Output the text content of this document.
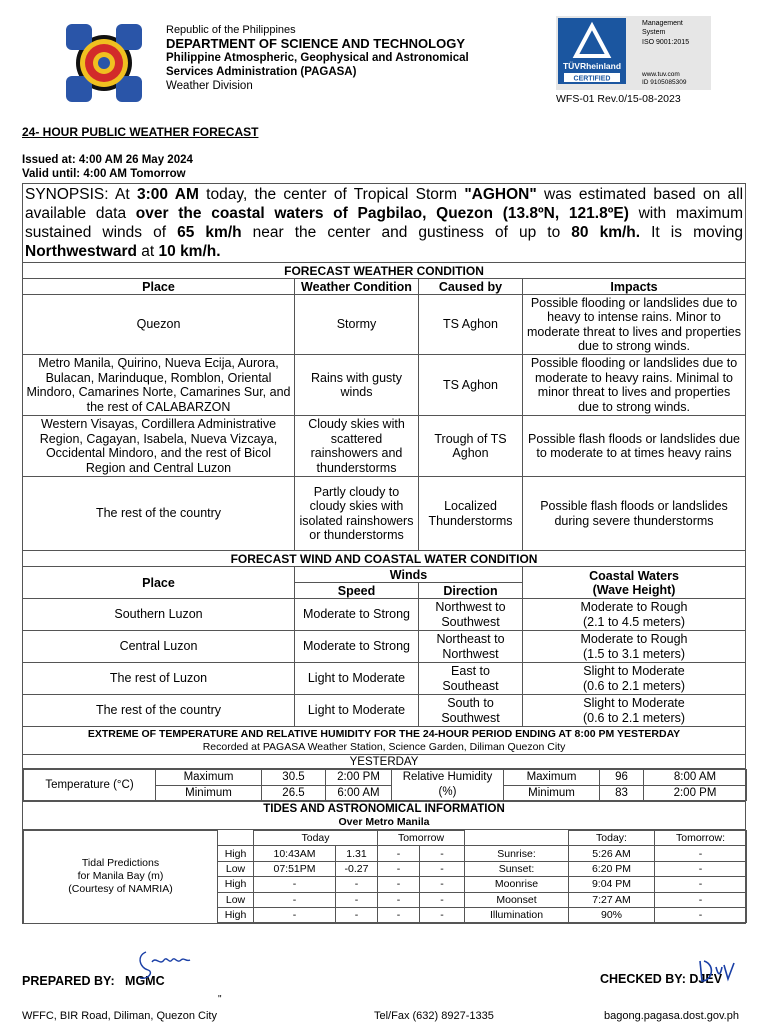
Republic of the Philippines
DEPARTMENT OF SCIENCE AND TECHNOLOGY
Philippine Atmospheric, Geophysical and Astronomical
Services Administration (PAGASA)
Weather Division
TÜVRheinland
CERTIFIED
Management
System
ISO 9001:2015
www.tuv.com
ID 9105085309
WFS-01 Rev.0/15-08-2023
24- HOUR PUBLIC WEATHER FORECAST
Issued at: 4:00 AM 26 May 2024
Valid until: 4:00 AM Tomorrow
SYNOPSIS: At 3:00 AM today, the center of Tropical Storm "AGHON" was estimated based on all available data over the coastal waters of Pagbilao, Quezon (13.8ºN, 121.8ºE) with maximum sustained winds of 65 km/h near the center and gustiness of up to 80 km/h. It is moving Northwestward at 10 km/h.
FORECAST WEATHER CONDITION
Place	Weather Condition	Caused by	Impacts
Quezon	Stormy	TS Aghon	Possible flooding or landslides due to heavy to intense rains. Minor to moderate threat to lives and properties due to strong winds.
Metro Manila, Quirino, Nueva Ecija, Aurora, Bulacan, Marinduque, Romblon, Oriental Mindoro, Camarines Norte, Camarines Sur, and the rest of CALABARZON	Rains with gusty winds	TS Aghon	Possible flooding or landslides due to moderate to heavy rains. Minimal to minor threat to lives and properties due to strong winds.
Western Visayas, Cordillera Administrative Region, Cagayan, Isabela, Nueva Vizcaya, Occidental Mindoro, and the rest of Bicol Region and Central Luzon	Cloudy skies with scattered rainshowers and thunderstorms	Trough of TS Aghon	Possible flash floods or landslides due to moderate to at times heavy rains
The rest of the country	Partly cloudy to cloudy skies with isolated rainshowers or thunderstorms	Localized Thunderstorms	Possible flash floods or landslides during severe thunderstorms
FORECAST WIND AND COASTAL WATER CONDITION
Place	Winds	Coastal Waters
(Wave Height)
Speed	Direction
Southern Luzon	Moderate to Strong	Northwest to Southwest	Moderate to Rough
(2.1 to 4.5 meters)
Central Luzon	Moderate to Strong	Northeast to Northwest	Moderate to Rough
(1.5 to 3.1 meters)
The rest of Luzon	Light to Moderate	East to Southeast	Slight to Moderate
(0.6 to 2.1 meters)
The rest of the country	Light to Moderate	South to Southwest	Slight to Moderate
(0.6 to 2.1 meters)

EXTREME OF TEMPERATURE AND RELATIVE HUMIDITY FOR THE 24-HOUR PERIOD ENDING AT 8:00 PM YESTERDAY
Recorded at PAGASA Weather Station, Science Garden, Diliman Quezon City

YESTERDAY

Temperature (°C)	Maximum	30.5	2:00 PM	Relative Humidity (%)	Maximum	96	8:00 AM
Minimum	26.5	6:00 AM	Minimum	83	2:00 PM

TIDES AND ASTRONOMICAL INFORMATION
Over Metro Manila

Tidal Predictions
for Manila Bay (m)
(Courtesy of NAMRIA)
		Today	Tomorrow		Today:	Tomorrow:
High	10:43AM	1.31	-	-	Sunrise:	5:26 AM	-
Low	07:51PM	-0.27	-	-	Sunset:	6:20 PM	-
High	-	-	-	-	Moonrise	9:04 PM	-
Low	-	-	-	-	Moonset	7:27 AM	-
High	-	-	-	-	Illumination	90%	-
PREPARED BY: MGMC	CHECKED BY: DJEV
"
WFFC, BIR Road, Diliman, Quezon City	Tel/Fax (632) 8927-1335	bagong.pagasa.dost.gov.ph
